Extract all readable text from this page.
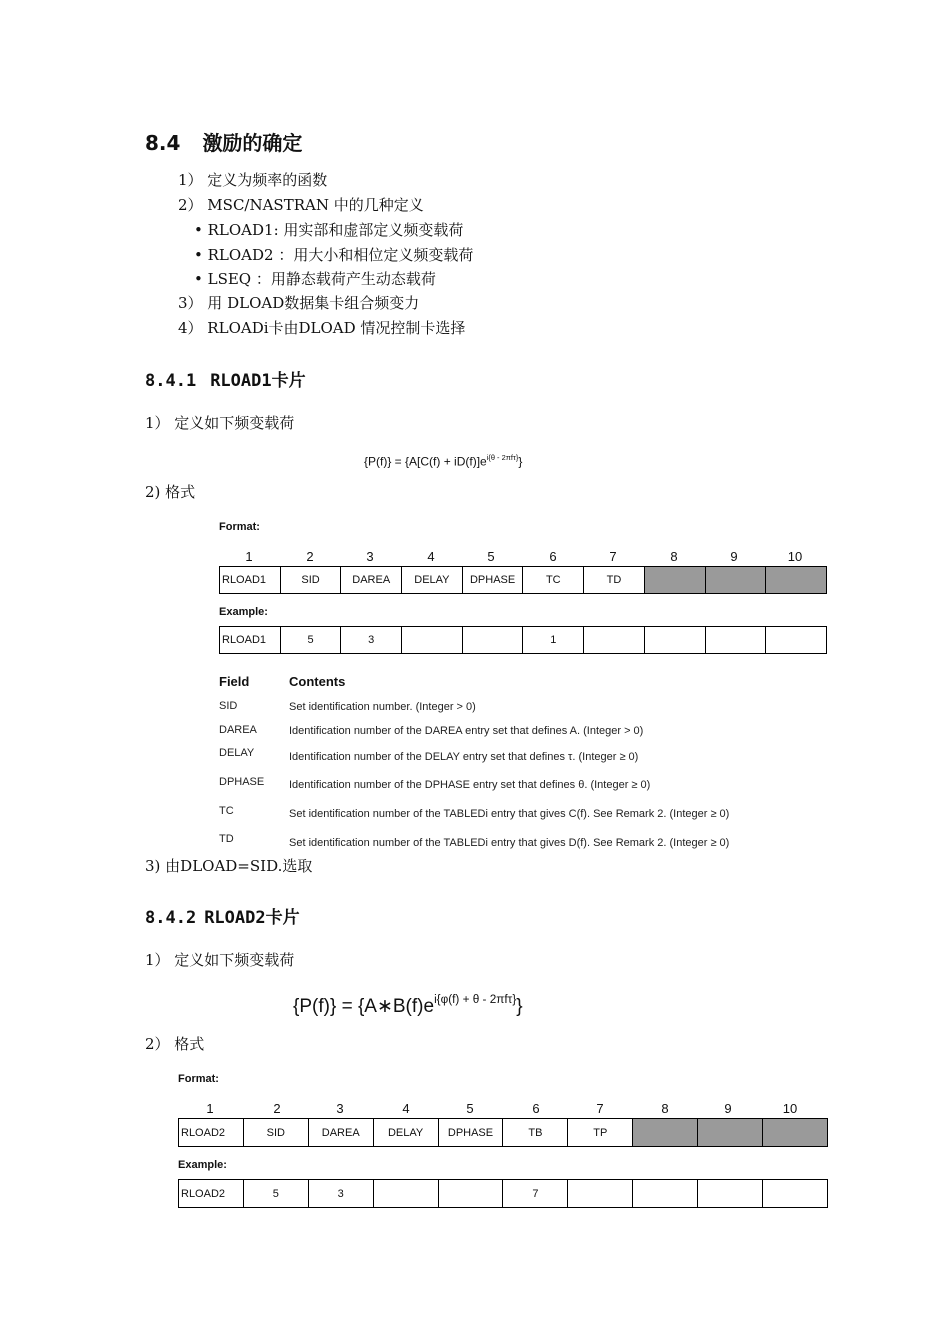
8.4 激励的确定
1） 定义为频率的函数
2） MSC/NASTRAN 中的几种定义
• RLOAD1: 用实部和虚部定义频变载荷
• RLOAD2 ：用大小和相位定义频变载荷
• LSEQ ：用静态载荷产生动态载荷
3） 用 DLOAD数据集卡组合频变力
4） RLOADi卡由DLOAD 情况控制卡选择
8.4.1 RLOAD1卡片
1） 定义如下频变载荷
$\{P(f)\} = \{A[C(f) + iD(f)]e^{i\{\theta - 2\pi f\tau\}}\}$
2) 格式
Format:
1	2	3	4	5	6	7	8	9	10
RLOAD1	SID	DAREA	DELAY	DPHASE	TC	TD			
Example:
RLOAD1	5	3			1				
Field	Contents
SID	Set identification number. (Integer > 0)
DAREA	Identification number of the DAREA entry set that defines A. (Integer > 0)
DELAY	Identification number of the DELAY entry set that defines τ. (Integer ≥ 0)
DPHASE Identification number of the DPHASE entry set that defines θ. (Integer ≥ 0)
TC	Set identification number of the TABLEDi entry that gives C(f). See Remark 2. (Integer ≥ 0)
TD	Set identification number of the TABLEDi entry that gives D(f). See Remark 2. (Integer ≥ 0)
3) 由DLOAD=SID.选取
8.4.2 RLOAD2卡片
1） 定义如下频变载荷
$\{P(f)\} = \{A∗B(f)e^{i\{\varphi(f) + \theta - 2\pi f\tau\}}\}$
2） 格式
Format:
1	2	3	4	5	6	7	8	9	10
RLOAD2	SID	DAREA	DELAY	DPHASE	TB	TP			
Example:
RLOAD2	5	3			7				
